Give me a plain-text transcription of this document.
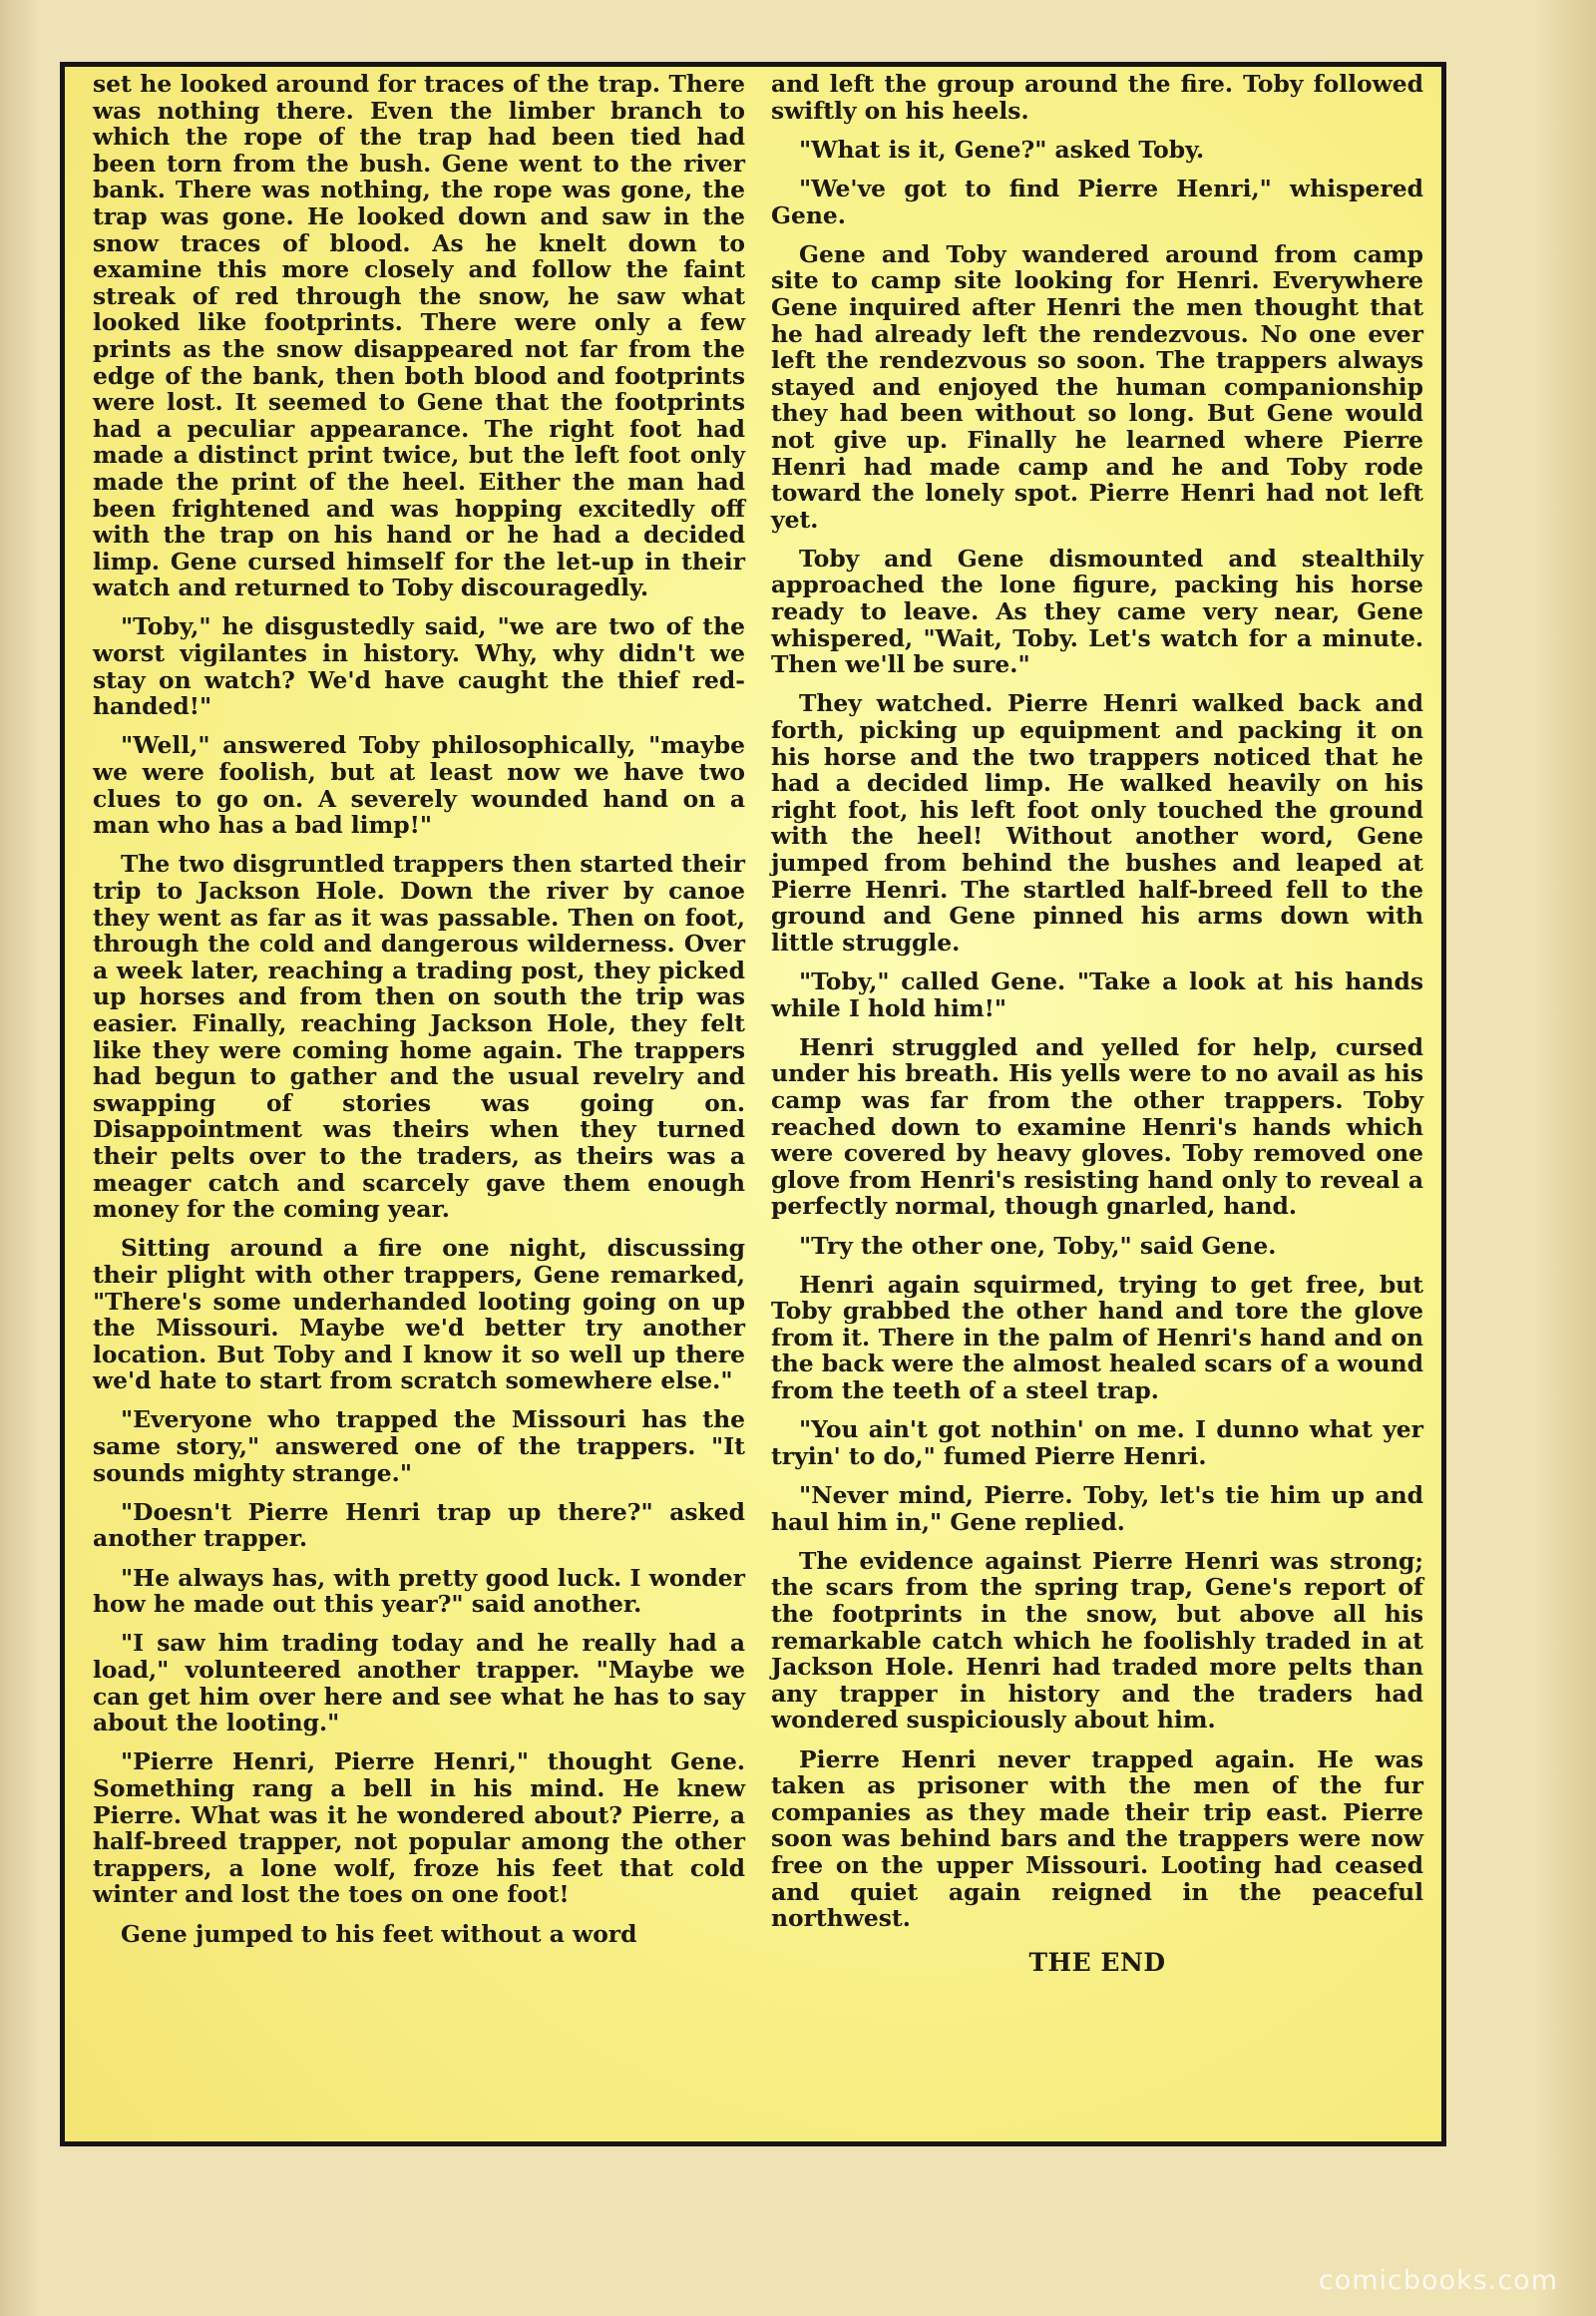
set he looked around for traces of the trap. There was nothing there. Even the limber branch to which the rope of the trap had been tied had been torn from the bush. Gene went to the river bank. There was nothing, the rope was gone, the trap was gone. He looked down and saw in the snow traces of blood. As he knelt down to examine this more closely and follow the faint streak of red through the snow, he saw what looked like footprints. There were only a few prints as the snow disappeared not far from the edge of the bank, then both blood and footprints were lost. It seemed to Gene that the footprints had a peculiar appearance. The right foot had made a distinct print twice, but the left foot only made the print of the heel. Either the man had been frightened and was hopping excitedly off with the trap on his hand or he had a decided limp. Gene cursed himself for the let-up in their watch and returned to Toby discouragedly.

"Toby," he disgustedly said, "we are two of the worst vigilantes in history. Why, why didn't we stay on watch? We'd have caught the thief red-handed!"

"Well," answered Toby philosophically, "maybe we were foolish, but at least now we have two clues to go on. A severely wounded hand on a man who has a bad limp!"

The two disgruntled trappers then started their trip to Jackson Hole. Down the river by canoe they went as far as it was passable. Then on foot, through the cold and dangerous wilderness. Over a week later, reaching a trading post, they picked up horses and from then on south the trip was easier. Finally, reaching Jackson Hole, they felt like they were coming home again. The trappers had begun to gather and the usual revelry and swapping of stories was going on. Disappointment was theirs when they turned their pelts over to the traders, as theirs was a meager catch and scarcely gave them enough money for the coming year.

Sitting around a fire one night, discussing their plight with other trappers, Gene remarked, "There's some underhanded looting going on up the Missouri. Maybe we'd better try another location. But Toby and I know it so well up there we'd hate to start from scratch somewhere else."

"Everyone who trapped the Missouri has the same story," answered one of the trappers. "It sounds mighty strange."

"Doesn't Pierre Henri trap up there?" asked another trapper.

"He always has, with pretty good luck. I wonder how he made out this year?" said another.

"I saw him trading today and he really had a load," volunteered another trapper. "Maybe we can get him over here and see what he has to say about the looting."

"Pierre Henri, Pierre Henri," thought Gene. Something rang a bell in his mind. He knew Pierre. What was it he wondered about? Pierre, a half-breed trapper, not popular among the other trappers, a lone wolf, froze his feet that cold winter and lost the toes on one foot!

Gene jumped to his feet without a word

and left the group around the fire. Toby followed swiftly on his heels.

"What is it, Gene?" asked Toby.

"We've got to find Pierre Henri," whispered Gene.

Gene and Toby wandered around from camp site to camp site looking for Henri. Everywhere Gene inquired after Henri the men thought that he had already left the rendezvous. No one ever left the rendezvous so soon. The trappers always stayed and enjoyed the human companionship they had been without so long. But Gene would not give up. Finally he learned where Pierre Henri had made camp and he and Toby rode toward the lonely spot. Pierre Henri had not left yet.

Toby and Gene dismounted and stealthily approached the lone figure, packing his horse ready to leave. As they came very near, Gene whispered, "Wait, Toby. Let's watch for a minute. Then we'll be sure."

They watched. Pierre Henri walked back and forth, picking up equipment and packing it on his horse and the two trappers noticed that he had a decided limp. He walked heavily on his right foot, his left foot only touched the ground with the heel! Without another word, Gene jumped from behind the bushes and leaped at Pierre Henri. The startled half-breed fell to the ground and Gene pinned his arms down with little struggle.

"Toby," called Gene. "Take a look at his hands while I hold him!"

Henri struggled and yelled for help, cursed under his breath. His yells were to no avail as his camp was far from the other trappers. Toby reached down to examine Henri's hands which were covered by heavy gloves. Toby removed one glove from Henri's resisting hand only to reveal a perfectly normal, though gnarled, hand.

"Try the other one, Toby," said Gene.

Henri again squirmed, trying to get free, but Toby grabbed the other hand and tore the glove from it. There in the palm of Henri's hand and on the back were the almost healed scars of a wound from the teeth of a steel trap.

"You ain't got nothin' on me. I dunno what yer tryin' to do," fumed Pierre Henri.

"Never mind, Pierre. Toby, let's tie him up and haul him in," Gene replied.

The evidence against Pierre Henri was strong; the scars from the spring trap, Gene's report of the footprints in the snow, but above all his remarkable catch which he foolishly traded in at Jackson Hole. Henri had traded more pelts than any trapper in history and the traders had wondered suspiciously about him.

Pierre Henri never trapped again. He was taken as prisoner with the men of the fur companies as they made their trip east. Pierre soon was behind bars and the trappers were now free on the upper Missouri. Looting had ceased and quiet again reigned in the peaceful northwest.

THE END
comicbooks.com
